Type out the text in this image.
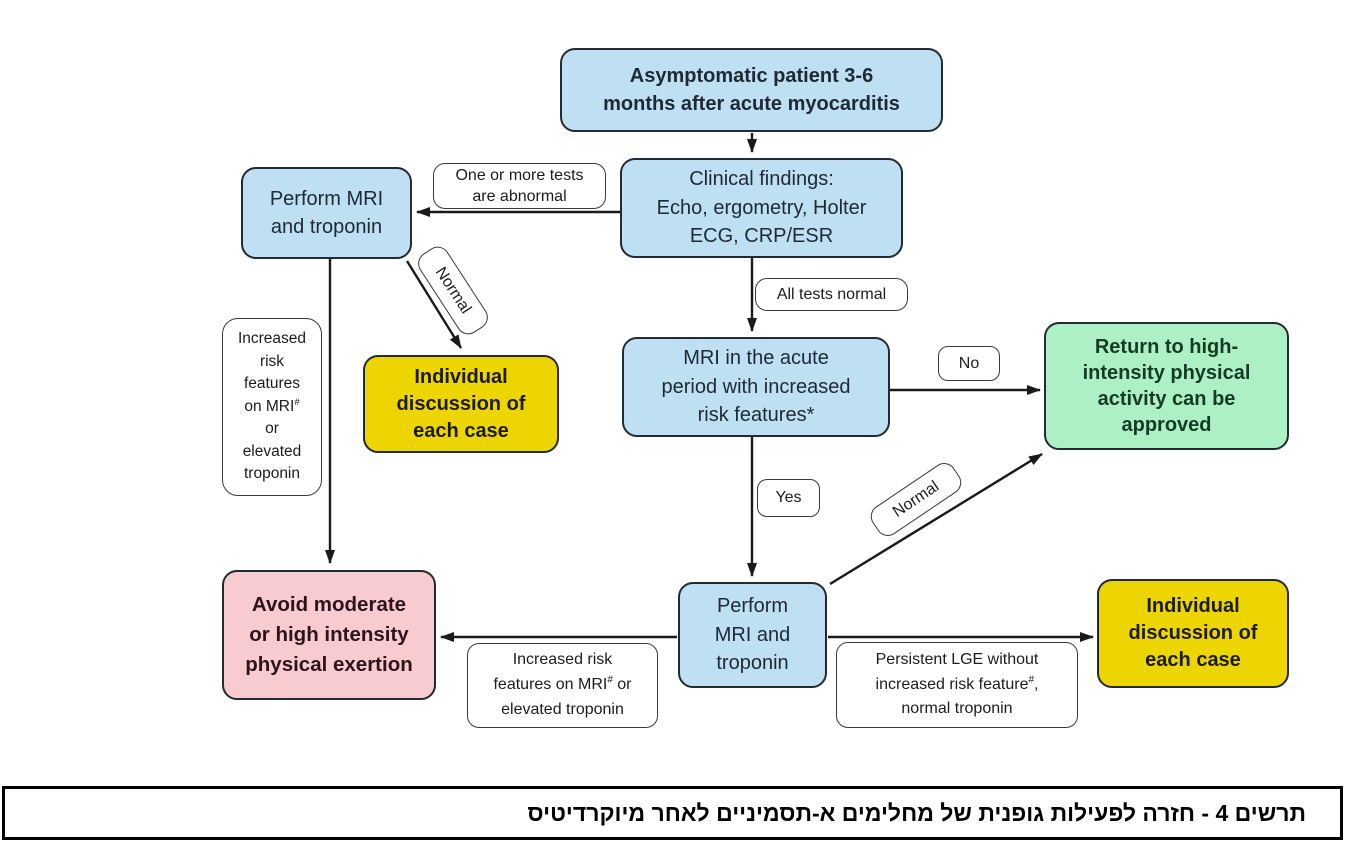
Asymptomatic patient 3-6
months after acute myocarditis
Clinical findings:
Echo, ergometry, Holter
ECG, CRP/ESR
Perform MRI
and troponin
MRI in the acute
period with increased
risk features*
Return to high-
intensity physical
activity can be
approved
Individual
discussion of
each case
Perform
MRI and
troponin
Avoid moderate
or high intensity
physical exertion
Individual
discussion of
each case
One or more tests
are abnormal
All tests normal
No
Yes
Normal
Normal
Increased
risk
features
on MRI#
or
elevated
troponin
Increased risk
features on MRI# or
elevated troponin
Persistent LGE without
increased risk feature#,
normal troponin
תרשים 4 - חזרה לפעילות גופנית של מחלימים א-תסמיניים לאחר מיוקרדיטיס
